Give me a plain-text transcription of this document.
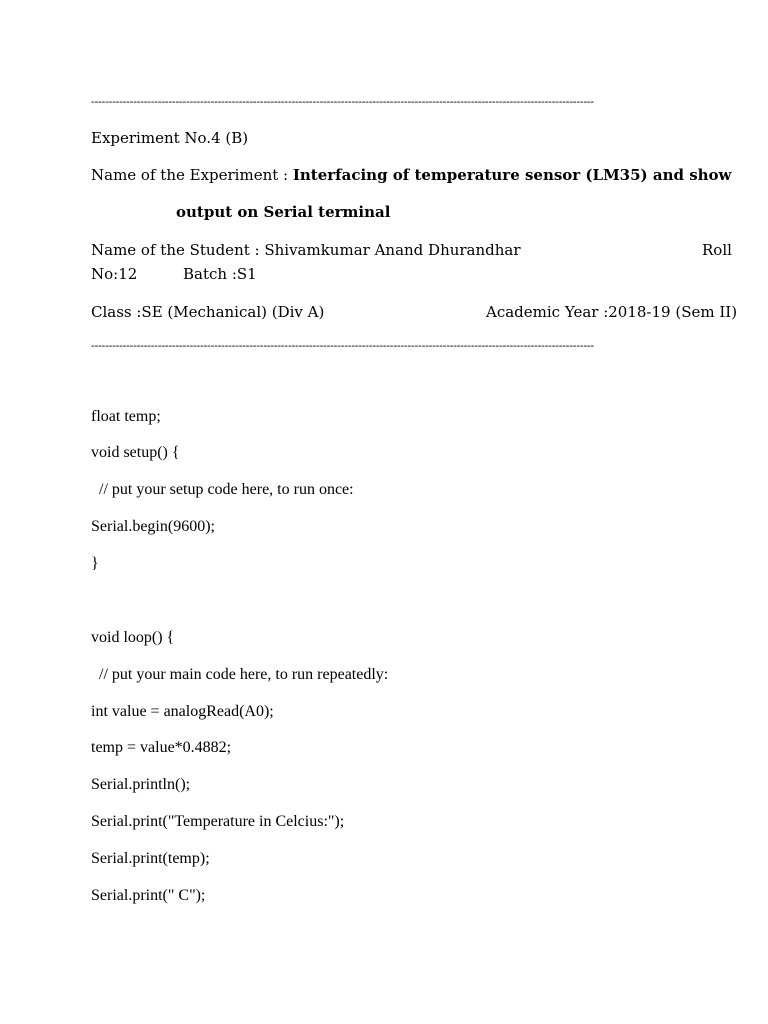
-----------------------------------------------------------------------------------------------------------------------------------------------
Experiment No.4 (B)
Name of the Experiment : Interfacing of temperature sensor (LM35) and show
output on Serial terminal
Name of the Student : Shivamkumar Anand Dhurandhar	Roll
No:12	Batch :S1
Class :SE (Mechanical) (Div A)	Academic Year :2018-19 (Sem II)
-----------------------------------------------------------------------------------------------------------------------------------------------
float temp;
void setup() {
// put your setup code here, to run once:
Serial.begin(9600);
}
void loop() {
// put your main code here, to run repeatedly:
int value = analogRead(A0);
temp = value*0.4882;
Serial.println();
Serial.print("Temperature in Celcius:");
Serial.print(temp);
Serial.print(" C");
